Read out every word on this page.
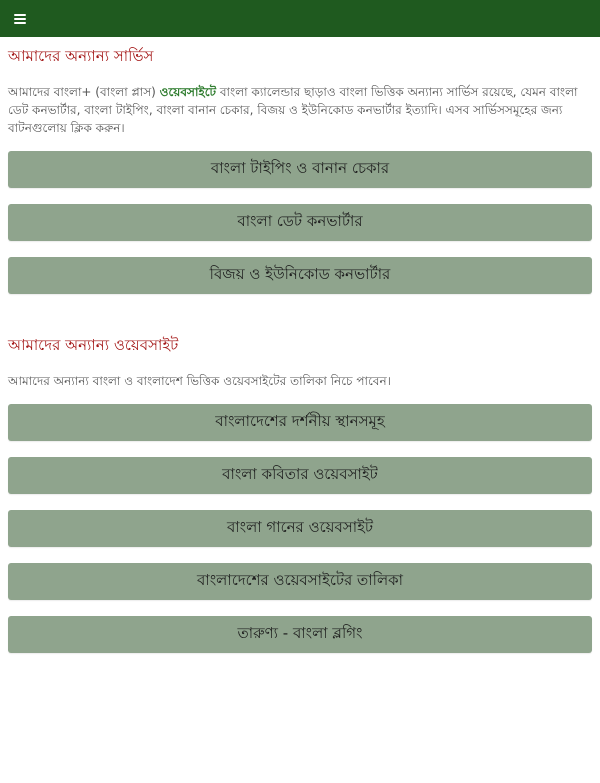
আমাদের অন্যান্য সার্ভিস

আমাদের বাংলা+ (বাংলা প্লাস) ওয়েবসাইটে বাংলা ক্যালেন্ডার ছাড়াও বাংলা ভিত্তিক অন্যান্য সার্ভিস রয়েছে, যেমন বাংলা ডেট কনভার্টার, বাংলা টাইপিং, বাংলা বানান চেকার, বিজয় ও ইউনিকোড কনভার্টার ইত্যাদি। এসব সার্ভিসসমূহের জন্য বাটনগুলোয় ক্লিক করুন।

বাংলা টাইপিং ও বানান চেকার
বাংলা ডেট কনভার্টার
বিজয় ও ইউনিকোড কনভার্টার
আমাদের অন্যান্য ওয়েবসাইট

আমাদের অন্যান্য বাংলা ও বাংলাদেশ ভিত্তিক ওয়েবসাইটের তালিকা নিচে পাবেন।

বাংলাদেশের দর্শনীয় স্থানসমূহ
বাংলা কবিতার ওয়েবসাইট
বাংলা গানের ওয়েবসাইট
বাংলাদেশের ওয়েবসাইটের তালিকা
তারুণ্য - বাংলা ব্লগিং
